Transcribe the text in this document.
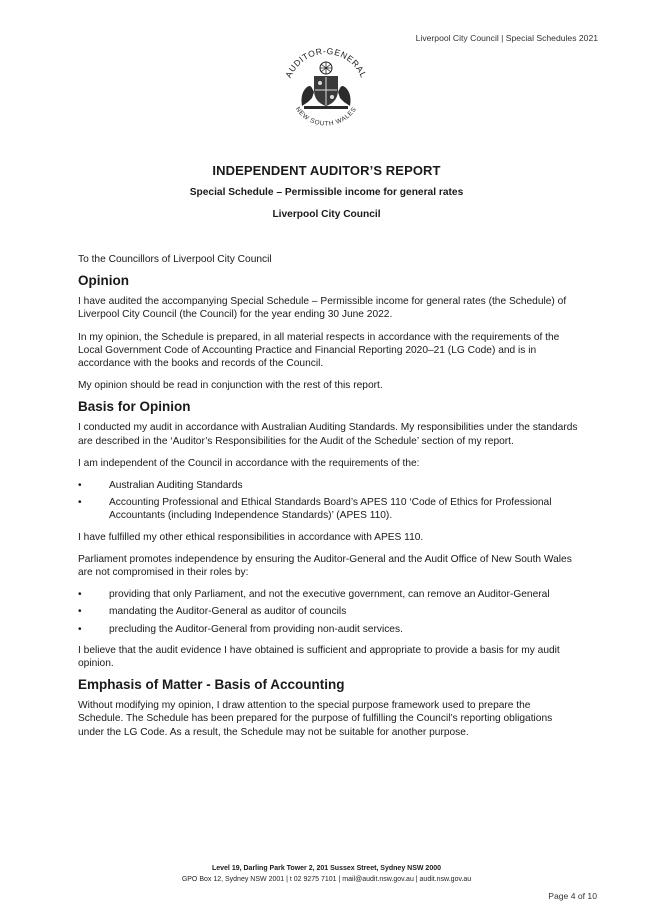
Liverpool City Council | Special Schedules 2021
AUDITOR-GENERAL
NEW SOUTH WALES
INDEPENDENT AUDITOR’S REPORT
Special Schedule – Permissible income for general rates
Liverpool City Council

To the Councillors of Liverpool City Council

Opinion

I have audited the accompanying Special Schedule – Permissible income for general rates (the Schedule) of Liverpool City Council (the Council) for the year ending 30 June 2022.

In my opinion, the Schedule is prepared, in all material respects in accordance with the requirements of the Local Government Code of Accounting Practice and Financial Reporting 2020–21 (LG Code) and is in accordance with the books and records of the Council.

My opinion should be read in conjunction with the rest of this report.

Basis for Opinion

I conducted my audit in accordance with Australian Auditing Standards. My responsibilities under the standards are described in the ‘Auditor’s Responsibilities for the Audit of the Schedule’ section of my report.

I am independent of the Council in accordance with the requirements of the:

•	Australian Auditing Standards
•	Accounting Professional and Ethical Standards Board’s APES 110 ‘Code of Ethics for Professional Accountants (including Independence Standards)’ (APES 110).

I have fulfilled my other ethical responsibilities in accordance with APES 110.

Parliament promotes independence by ensuring the Auditor-General and the Audit Office of New South Wales are not compromised in their roles by:

•	providing that only Parliament, and not the executive government, can remove an Auditor-General
•	mandating the Auditor-General as auditor of councils
•	precluding the Auditor-General from providing non-audit services.

I believe that the audit evidence I have obtained is sufficient and appropriate to provide a basis for my audit opinion.

Emphasis of Matter - Basis of Accounting

Without modifying my opinion, I draw attention to the special purpose framework used to prepare the Schedule. The Schedule has been prepared for the purpose of fulfilling the Council’s reporting obligations under the LG Code. As a result, the Schedule may not be suitable for another purpose.

Level 19, Darling Park Tower 2, 201 Sussex Street, Sydney NSW 2000
GPO Box 12, Sydney NSW 2001 | t 02 9275 7101 | mail@audit.nsw.gov.au | audit.nsw.gov.au
Page 4 of 10
